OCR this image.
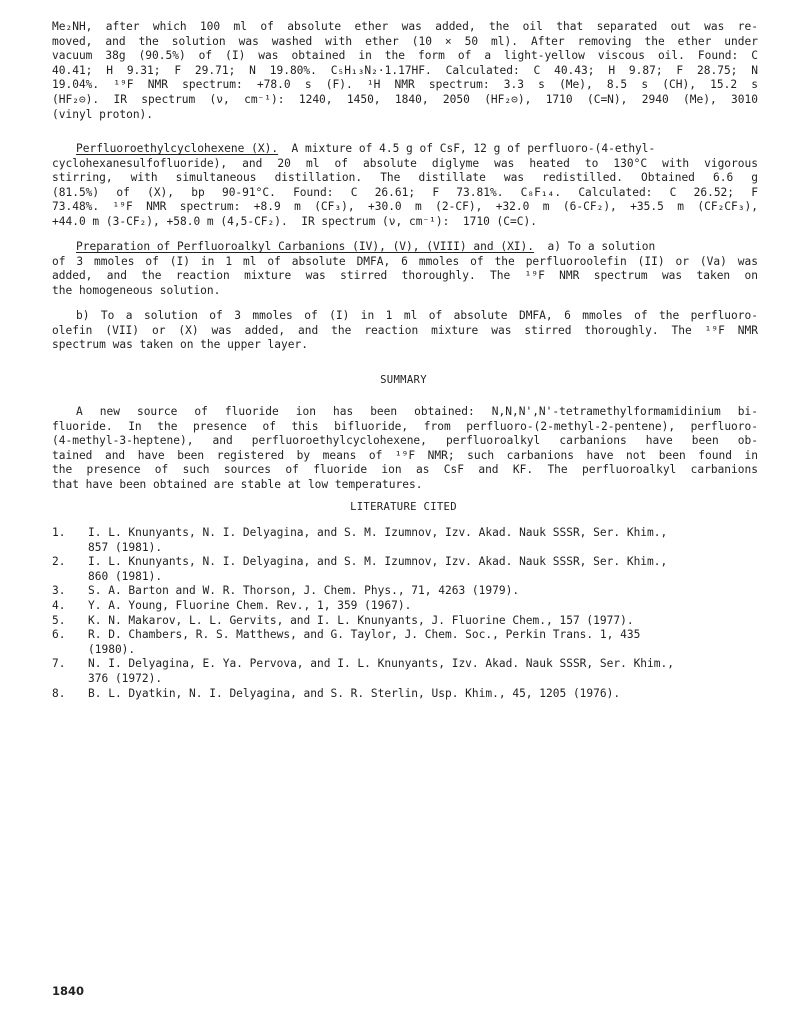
Me₂NH, after which 100 ml of absolute ether was added, the oil that separated out was re-
moved, and the solution was washed with ether (10 × 50 ml). After removing the ether under
vacuum 38g (90.5%) of (I) was obtained in the form of a light-yellow viscous oil. Found: C
40.41; H 9.31; F 29.71; N 19.80%. C₅H₁₃N₂·1.17HF. Calculated: C 40.43; H 9.87; F 28.75; N
19.04%. ¹⁹F NMR spectrum: +78.0 s (F). ¹H NMR spectrum: 3.3 s (Me), 8.5 s (CH), 15.2 s
(HF₂⊝). IR spectrum (ν, cm⁻¹): 1240, 1450, 1840, 2050 (HF₂⊝), 1710 (C=N), 2940 (Me), 3010
(vinyl proton).
Perfluoroethylcyclohexene (X).  A mixture of 4.5 g of CsF, 12 g of perfluoro-(4-ethyl-
cyclohexanesulfofluoride), and 20 ml of absolute diglyme was heated to 130°C with vigorous
stirring, with simultaneous distillation. The distillate was redistilled. Obtained 6.6 g
(81.5%) of (X), bp 90-91°C. Found: C 26.61; F 73.81%. C₈F₁₄. Calculated: C 26.52; F
73.48%. ¹⁹F NMR spectrum: +8.9 m (CF₃), +30.0 m (2-CF), +32.0 m (6-CF₂), +35.5 m (CF₂CF₃),
+44.0 m (3-CF₂), +58.0 m (4,5-CF₂).  IR spectrum (ν, cm⁻¹):  1710 (C=C).
Preparation of Perfluoroalkyl Carbanions (IV), (V), (VIII) and (XI).  a) To a solution
of 3 mmoles of (I) in 1 ml of absolute DMFA, 6 mmoles of the perfluoroolefin (II) or (Va) was
added, and the reaction mixture was stirred thoroughly. The ¹⁹F NMR spectrum was taken on
the homogeneous solution.
b) To a solution of 3 mmoles of (I) in 1 ml of absolute DMFA, 6 mmoles of the perfluoro-
olefin (VII) or (X) was added, and the reaction mixture was stirred thoroughly. The ¹⁹F NMR
spectrum was taken on the upper layer.
SUMMARY
A new source of fluoride ion has been obtained: N,N,N',N'-tetramethylformamidinium bi-
fluoride. In the presence of this bifluoride, from perfluoro-(2-methyl-2-pentene), perfluoro-
(4-methyl-3-heptene), and perfluoroethylcyclohexene, perfluoroalkyl carbanions have been ob-
tained and have been registered by means of ¹⁹F NMR; such carbanions have not been found in
the presence of such sources of fluoride ion as CsF and KF. The perfluoroalkyl carbanions
that have been obtained are stable at low temperatures.
LITERATURE CITED
1. I. L. Knunyants, N. I. Delyagina, and S. M. Izumnov, Izv. Akad. Nauk SSSR, Ser. Khim.,
857 (1981).
2. I. L. Knunyants, N. I. Delyagina, and S. M. Izumnov, Izv. Akad. Nauk SSSR, Ser. Khim.,
860 (1981).
3. S. A. Barton and W. R. Thorson, J. Chem. Phys., 71, 4263 (1979).
4. Y. A. Young, Fluorine Chem. Rev., 1, 359 (1967).
5. K. N. Makarov, L. L. Gervits, and I. L. Knunyants, J. Fluorine Chem., 157 (1977).
6. R. D. Chambers, R. S. Matthews, and G. Taylor, J. Chem. Soc., Perkin Trans. 1, 435
(1980).
7. N. I. Delyagina, E. Ya. Pervova, and I. L. Knunyants, Izv. Akad. Nauk SSSR, Ser. Khim.,
376 (1972).
8. B. L. Dyatkin, N. I. Delyagina, and S. R. Sterlin, Usp. Khim., 45, 1205 (1976).
1840
